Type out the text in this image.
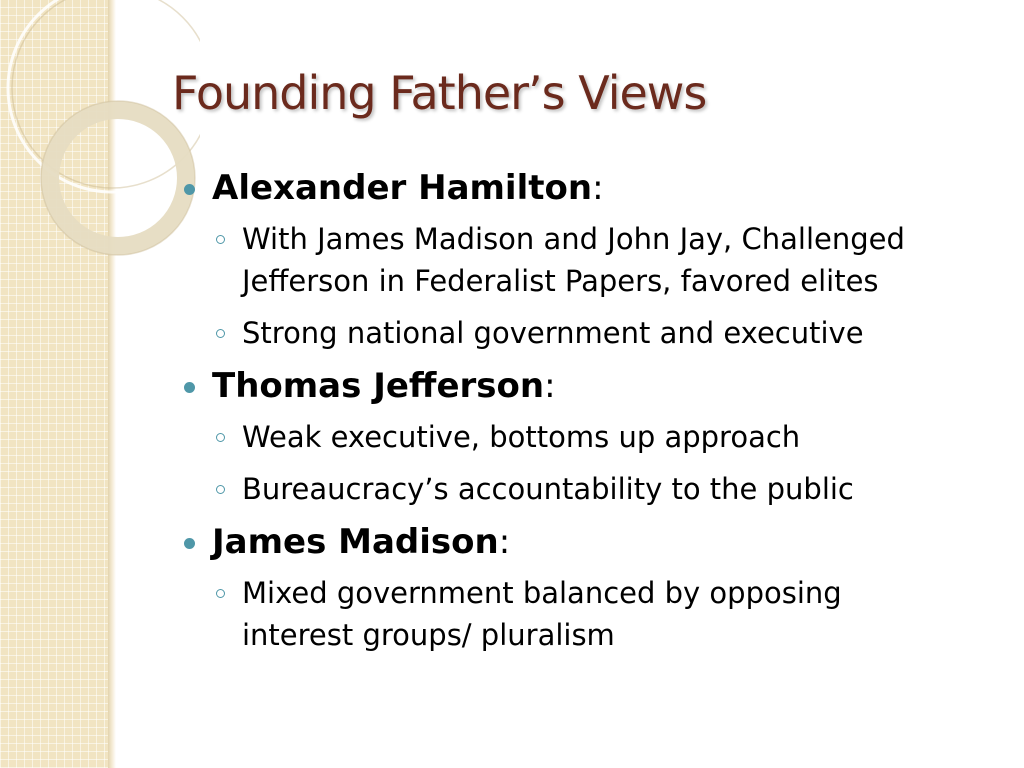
Founding Father’s Views
Alexander Hamilton:
With James Madison and John Jay, Challenged
Jefferson in Federalist Papers, favored elites
Strong national government and executive
Thomas Jefferson:
Weak executive, bottoms up approach
Bureaucracy’s accountability to the public
James Madison:
Mixed government balanced by opposing
interest groups/ pluralism
